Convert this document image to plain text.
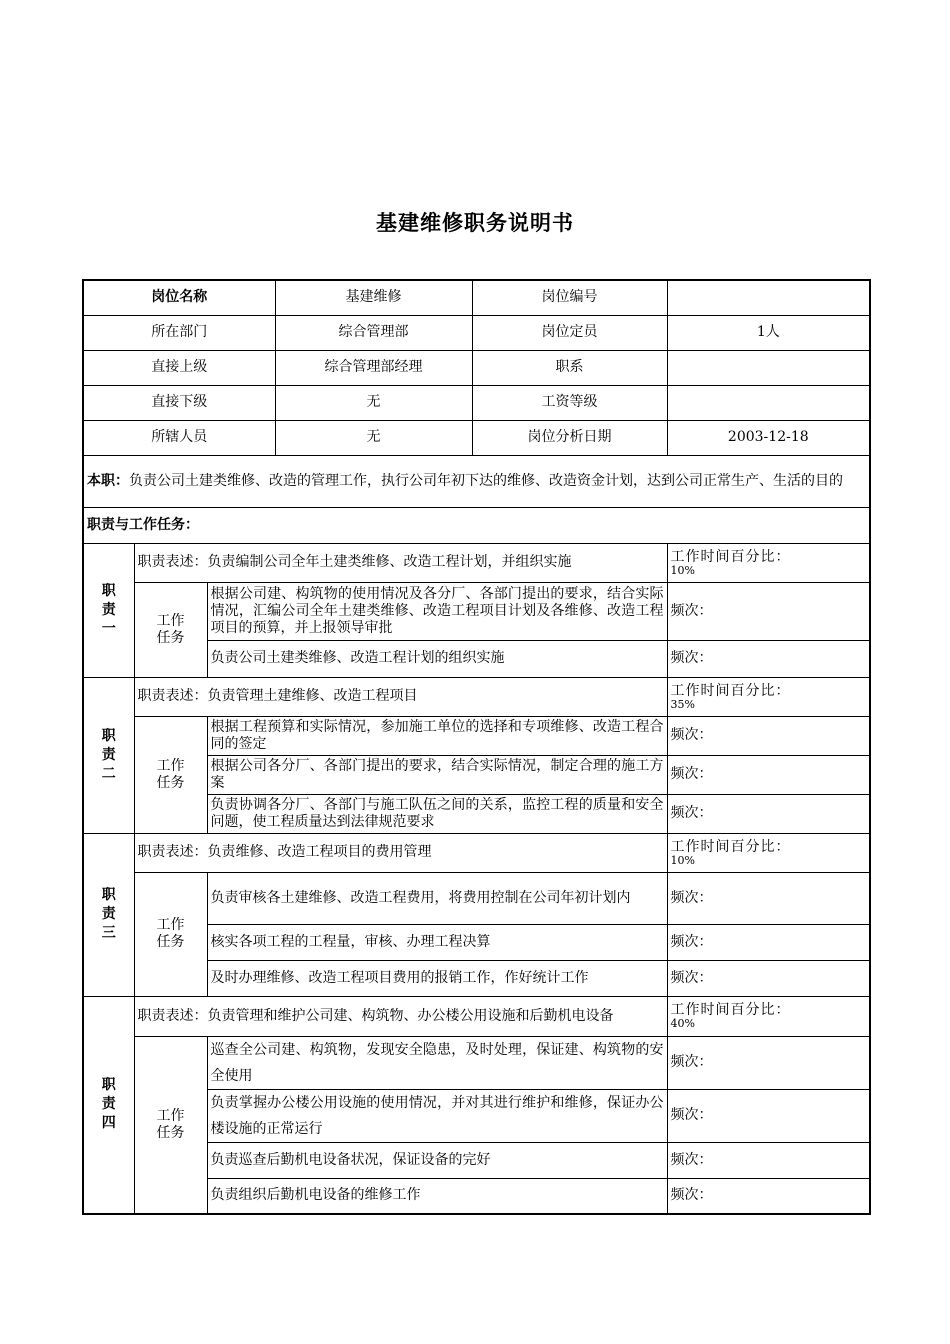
基建维修职务说明书
岗位名称			基建维修	岗位编号	
所在部门			综合管理部	岗位定员	1人
直接上级			综合管理部经理	职系	
直接下级			无	工资等级	
所辖人员			无	岗位分析日期	2003-12-18
本职：负责公司土建类维修、改造的管理工作，执行公司年初下达的维修、改造资金计划，达到公司正常生产、生活的目的					
职责与工作任务：					
职责一	职责表述：负责编制公司全年土建类维修、改造工程计划，并组织实施				工作时间百分比：
10%

	工作任务	根据公司建、构筑物的使用情况及各分厂、各部门提出的要求，结合实际情况，汇编公司全年土建类维修、改造工程项目计划及各维修、改造工程项目的预算，并上报领导审批			频次：
		负责公司土建类维修、改造工程计划的组织实施			频次：
职责二	职责表述：负责管理土建维修、改造工程项目				工作时间百分比：
35%

	工作任务	根据工程预算和实际情况，参加施工单位的选择和专项维修、改造工程合同的签定			频次：
		根据公司各分厂、各部门提出的要求，结合实际情况，制定合理的施工方案			频次：
		负责协调各分厂、各部门与施工队伍之间的关系，监控工程的质量和安全问题，使工程质量达到法律规范要求			频次：
职责三	职责表述：负责维修、改造工程项目的费用管理				工作时间百分比：
10%

	工作任务	负责审核各土建维修、改造工程费用，将费用控制在公司年初计划内			频次：
		核实各项工程的工程量，审核、办理工程决算			频次：
		及时办理维修、改造工程项目费用的报销工作，作好统计工作			频次：
职责四	职责表述：负责管理和维护公司建、构筑物、办公楼公用设施和后勤机电设备				工作时间百分比：
40%

	工作任务	巡查全公司建、构筑物，发现安全隐患，及时处理，保证建、构筑物的安全使用			频次：
		负责掌握办公楼公用设施的使用情况，并对其进行维护和维修，保证办公楼设施的正常运行			频次：
		负责巡查后勤机电设备状况，保证设备的完好			频次：
		负责组织后勤机电设备的维修工作			频次：
